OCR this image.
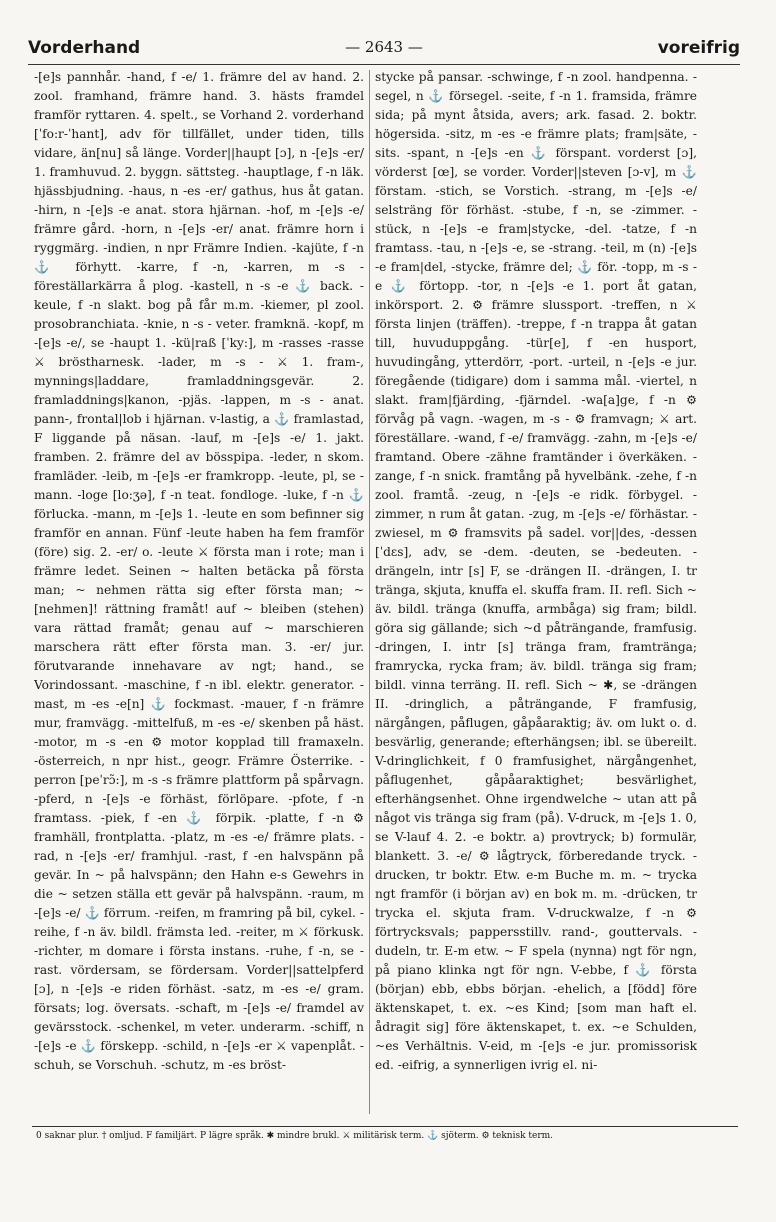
Vorderhand	— 2643 —	voreifrig

-[e]s pannhår. -hand, f -e/ 1. främre del av hand. 2. zool. framhand, främre hand. 3. hästs framdel framför ryttaren. 4. spelt., se Vorhand 2. vorderhand [ˈfo:r-ˈhant], adv för tillfället, under tiden, tills vidare, än[nu] så länge. Vorder||haupt [ɔ], n -[e]s -er/ 1. framhuvud. 2. byggn. sättsteg. -hauptlage, f -n läk. hjässbjudning. -haus, n -es -er/ gathus, hus åt gatan. -hirn, n -[e]s -e anat. stora hjärnan. -hof, m -[e]s -e/ främre gård. -horn, n -[e]s -er/ anat. främre horn i ryggmärg. -indien, n npr Främre Indien. -kajüte, f -n ⚓ förhytt. -karre, f -n, -karren, m -s - föreställarkärra å plog. -kastell, n -s -e ⚓ back. -keule, f -n slakt. bog på får m.m. -kiemer, pl zool. prosobranchiata. -knie, n -s - veter. framknä. -kopf, m -[e]s -e/, se -haupt 1. -kü|raß [ˈky:], m -rasses -rasse ⚔ bröstharnesk. -lader, m -s - ⚔ 1. fram-, mynnings|laddare, framladdningsgevär. 2. framladdnings|kanon, -pjäs. -lappen, m -s - anat. pann-, frontal|lob i hjärnan. v-lastig, a ⚓ framlastad, F liggande på näsan. -lauf, m -[e]s -e/ 1. jakt. framben. 2. främre del av bösspipa. -leder, n skom. framläder. -leib, m -[e]s -er framkropp. -leute, pl, se -mann. -loge [lo:ʒə], f -n teat. fondloge. -luke, f -n ⚓ förlucka. -mann, m -[e]s 1. -leute en som befinner sig framför en annan. Fünf -leute haben ha fem framför (före) sig. 2. -er/ o. -leute ⚔ första man i rote; man i främre ledet. Seinen ~ halten betäcka på första man; ~ nehmen rätta sig efter första man; ~ [nehmen]! rättning framåt! auf ~ bleiben (stehen) vara rättad framåt; genau auf ~ marschieren marschera rätt efter första man. 3. -er/ jur. förutvarande innehavare av ngt; hand., se Vorindossant. -maschine, f -n ibl. elektr. generator. -mast, m -es -e[n] ⚓ fockmast. -mauer, f -n främre mur, framvägg. -mittelfuß, m -es -e/ skenben på häst. -motor, m -s -en ⚙ motor kopplad till framaxeln. -österreich, n npr hist., geogr. Främre Österrike. -perron [peˈrɔ̃:], m -s -s främre plattform på spårvagn. -pferd, n -[e]s -e förhäst, förlöpare. -pfote, f -n framtass. -piek, f -en ⚓ förpik. -platte, f -n ⚙ framhäll, frontplatta. -platz, m -es -e/ främre plats. -rad, n -[e]s -er/ framhjul. -rast, f -en halvspänn på gevär. In ~ på halvspänn; den Hahn e-s Gewehrs in die ~ setzen ställa ett gevär på halvspänn. -raum, m -[e]s -e/ ⚓ förrum. -reifen, m framring på bil, cykel. -reihe, f -n äv. bildl. främsta led. -reiter, m ⚔ förkusk. -richter, m domare i första instans. -ruhe, f -n, se -rast. vördersam, se fördersam. Vorder||sattelpferd [ɔ], n -[e]s -e riden förhäst. -satz, m -es -e/ gram. försats; log. översats. -schaft, m -[e]s -e/ framdel av gevärsstock. -schenkel, m veter. underarm. -schiff, n -[e]s -e ⚓ förskepp. -schild, n -[e]s -er ⚔ vapenplåt. -schuh, se Vorschuh. -schutz, m -es bröst-

stycke på pansar. -schwinge, f -n zool. handpenna. -segel, n ⚓ försegel. -seite, f -n 1. framsida, främre sida; på mynt åtsida, avers; ark. fasad. 2. boktr. högersida. -sitz, m -es -e främre plats; fram|säte, -sits. -spant, n -[e]s -en ⚓ förspant. vorderst [ɔ], vörderst [œ], se vorder. Vorder||steven [ɔ-v], m ⚓ förstam. -stich, se Vorstich. -strang, m -[e]s -e/ selsträng för förhäst. -stube, f -n, se -zimmer. -stück, n -[e]s -e fram|stycke, -del. -tatze, f -n framtass. -tau, n -[e]s -e, se -strang. -teil, m (n) -[e]s -e fram|del, -stycke, främre del; ⚓ för. -topp, m -s -e ⚓ förtopp. -tor, n -[e]s -e 1. port åt gatan, inkörsport. 2. ⚙ främre slussport. -treffen, n ⚔ första linjen (träffen). -treppe, f -n trappa åt gatan till, huvuduppgång. -tür[e], f -en husport, huvudingång, ytterdörr, -port. -urteil, n -[e]s -e jur. föregående (tidigare) dom i samma mål. -viertel, n slakt. fram|fjärding, -fjärndel. -wa[a]ge, f -n ⚙ förvåg på vagn. -wagen, m -s - ⚙ framvagn; ⚔ art. föreställare. -wand, f -e/ framvägg. -zahn, m -[e]s -e/ framtand. Obere -zähne framtänder i överkäken. -zange, f -n snick. framtång på hyvelbänk. -zehe, f -n zool. framtå. -zeug, n -[e]s -e ridk. förbygel. -zimmer, n rum åt gatan. -zug, m -[e]s -e/ förhästar. -zwiesel, m ⚙ framsvits på sadel. vor||des, -dessen [ˈdɛs], adv, se -dem. -deuten, se -bedeuten. -drängeln, intr [s] F, se -drängen II. -drängen, I. tr tränga, skjuta, knuffa el. skuffa fram. II. refl. Sich ~ äv. bildl. tränga (knuffa, armbåga) sig fram; bildl. göra sig gällande; sich ~d påträngande, framfusig. -dringen, I. intr [s] tränga fram, framtränga; framrycka, rycka fram; äv. bildl. tränga sig fram; bildl. vinna terräng. II. refl. Sich ~ ✱, se -drängen II. -dringlich, a påträngande, F framfusig, närgången, påflugen, gåpåaraktig; äv. om lukt o. d. besvärlig, generande; efterhängsen; ibl. se übereilt. V-dringlichkeit, f 0 framfusighet, närgångenhet, påflugenhet, gåpåaraktighet; besvärlighet, efterhängsenhet. Ohne irgendwelche ~ utan att på något vis tränga sig fram (på). V-druck, m -[e]s 1. 0, se V-lauf 4. 2. -e boktr. a) provtryck; b) formulär, blankett. 3. -e/ ⚙ lågtryck, förberedande tryck. -drucken, tr boktr. Etw. e-m Buche m. m. ~ trycka ngt framför (i början av) en bok m. m. -drücken, tr trycka el. skjuta fram. V-druckwalze, f -n ⚙ förtrycksvals; pappersstillv. rand-, gouttervals. -dudeln, tr. E-m etw. ~ F spela (nynna) ngt för ngn, på piano klinka ngt för ngn. V-ebbe, f ⚓ första (början) ebb, ebbs början. -ehelich, a [född] före äktenskapet, t. ex. ~es Kind; [som man haft el. ådragit sig] före äktenskapet, t. ex. ~e Schulden, ~es Verhältnis. V-eid, m -[e]s -e jur. promissorisk ed. -eifrig, a synnerligen ivrig el. ni-

0 saknar plur. † omljud. F familjärt. P lägre språk. ✱ mindre brukl. ⚔ militärisk term. ⚓ sjöterm. ⚙ teknisk term.
